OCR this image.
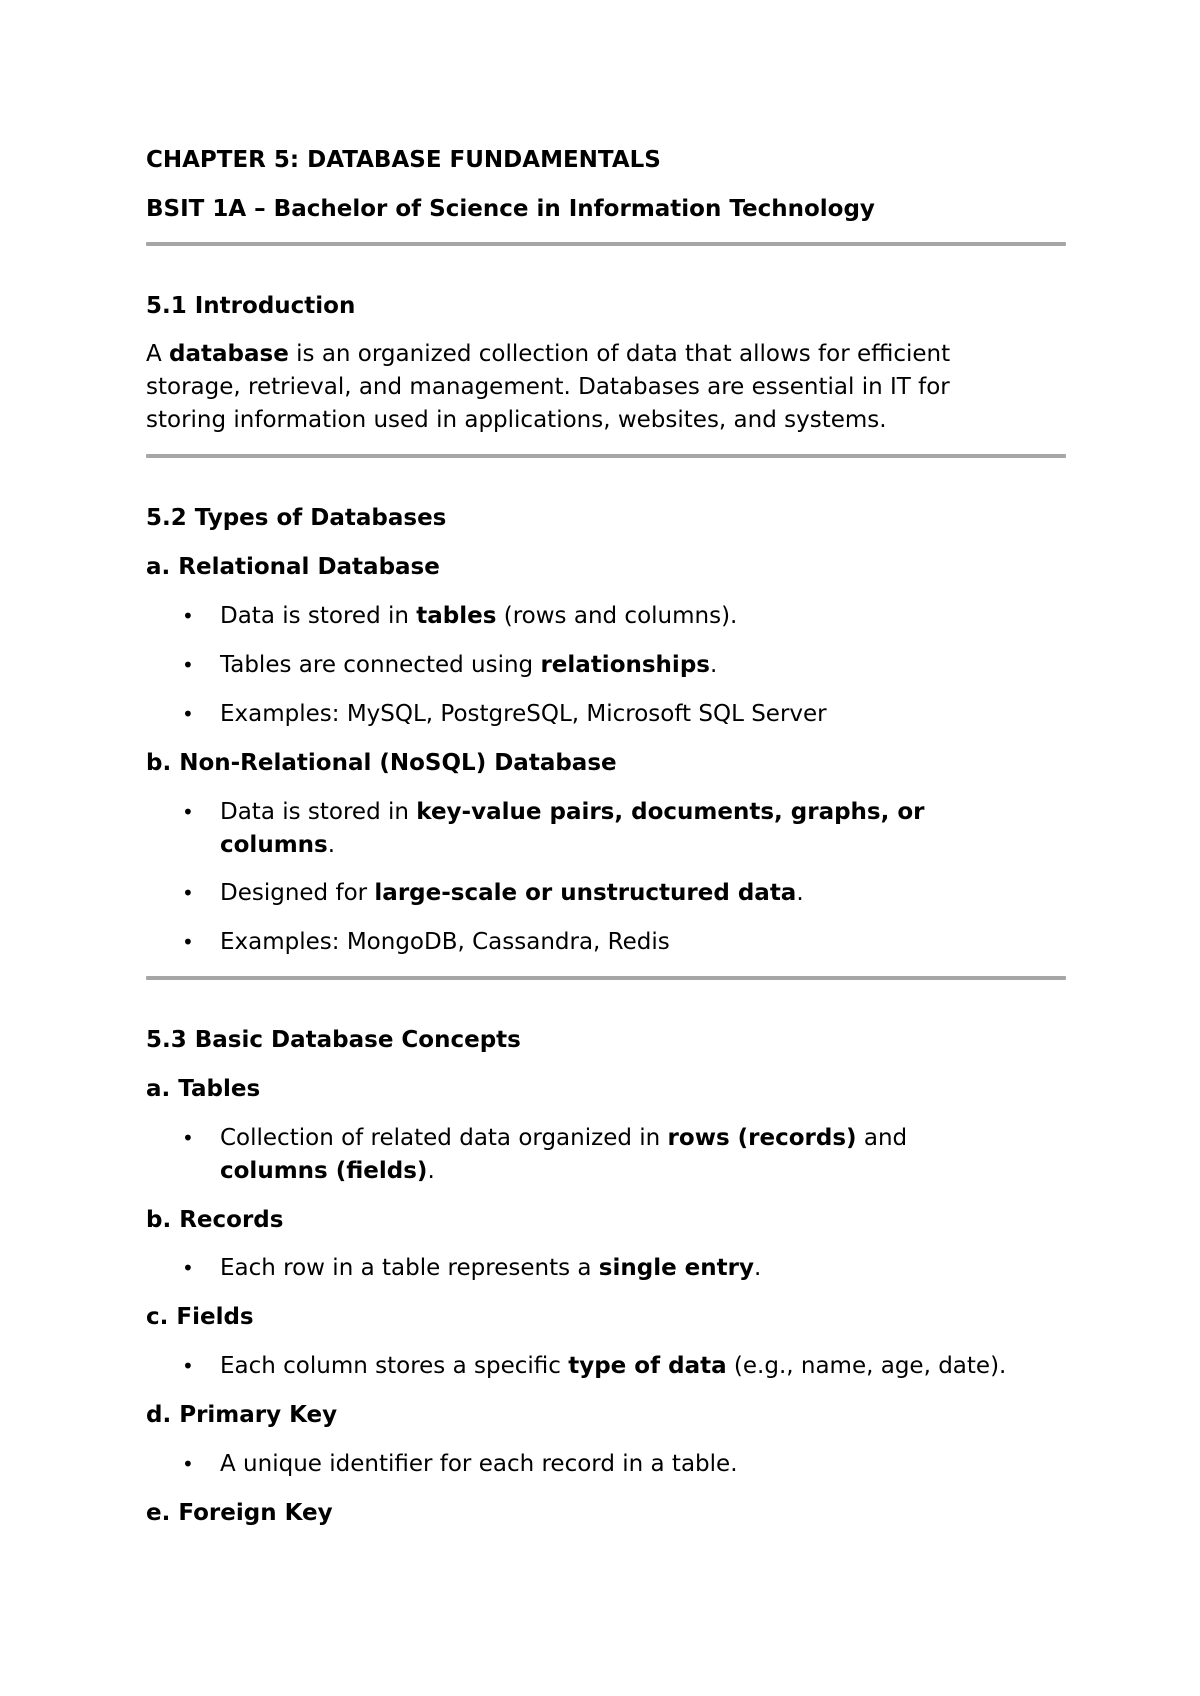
CHAPTER 5: DATABASE FUNDAMENTALS
BSIT 1A – Bachelor of Science in Information Technology
5.1 Introduction
A database is an organized collection of data that allows for efficient
storage, retrieval, and management. Databases are essential in IT for
storing information used in applications, websites, and systems.
5.2 Types of Databases
a. Relational Database
• Data is stored in tables (rows and columns).
• Tables are connected using relationships.
• Examples: MySQL, PostgreSQL, Microsoft SQL Server
b. Non-Relational (NoSQL) Database
• Data is stored in key-value pairs, documents, graphs, or
columns.
• Designed for large-scale or unstructured data.
• Examples: MongoDB, Cassandra, Redis
5.3 Basic Database Concepts
a. Tables
• Collection of related data organized in rows (records) and
columns (fields).
b. Records
• Each row in a table represents a single entry.
c. Fields
• Each column stores a specific type of data (e.g., name, age, date).
d. Primary Key
• A unique identifier for each record in a table.
e. Foreign Key
